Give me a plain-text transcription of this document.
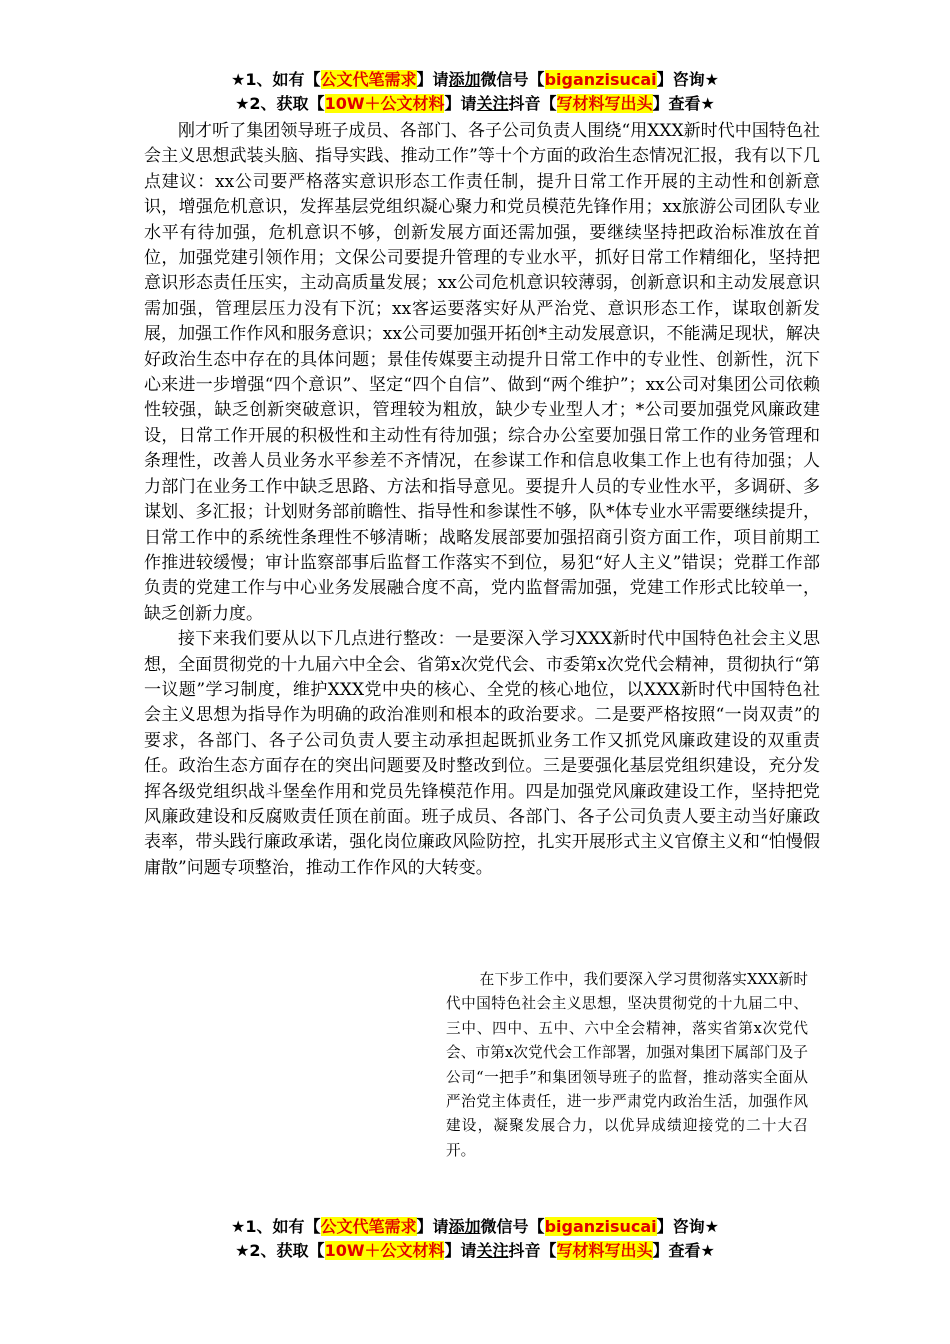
★1、如有【公文代笔需求】请添加微信号【biganzisucai】咨询★
★2、获取【10W＋公文材料】请关注抖音【写材料写出头】查看★

刚才听了集团领导班子成员、各部门、各子公司负责人围绕“用XXX新时代中国特色社会主义思想武装头脑、指导实践、推动工作”等十个方面的政治生态情况汇报，我有以下几点建议：xx公司要严格落实意识形态工作责任制，提升日常工作开展的主动性和创新意识，增强危机意识，发挥基层党组织凝心聚力和党员模范先锋作用；xx旅游公司团队专业水平有待加强，危机意识不够，创新发展方面还需加强，要继续坚持把政治标准放在首位，加强党建引领作用；文保公司要提升管理的专业水平，抓好日常工作精细化，坚持把意识形态责任压实，主动高质量发展；xx公司危机意识较薄弱，创新意识和主动发展意识需加强，管理层压力没有下沉；xx客运要落实好从严治党、意识形态工作，谋取创新发展，加强工作作风和服务意识；xx公司要加强开拓创*主动发展意识，不能满足现状，解决好政治生态中存在的具体问题；景佳传媒要主动提升日常工作中的专业性、创新性，沉下心来进一步增强“四个意识”、坚定“四个自信”、做到“两个维护”；xx公司对集团公司依赖性较强，缺乏创新突破意识，管理较为粗放，缺少专业型人才；*公司要加强党风廉政建设，日常工作开展的积极性和主动性有待加强；综合办公室要加强日常工作的业务管理和条理性，改善人员业务水平参差不齐情况，在参谋工作和信息收集工作上也有待加强；人力部门在业务工作中缺乏思路、方法和指导意见。要提升人员的专业性水平，多调研、多谋划、多汇报；计划财务部前瞻性、指导性和参谋性不够，队*体专业水平需要继续提升，日常工作中的系统性条理性不够清晰；战略发展部要加强招商引资方面工作，项目前期工作推进较缓慢；审计监察部事后监督工作落实不到位，易犯“好人主义”错误；党群工作部负责的党建工作与中心业务发展融合度不高，党内监督需加强，党建工作形式比较单一，缺乏创新力度。

接下来我们要从以下几点进行整改：一是要深入学习XXX新时代中国特色社会主义思想，全面贯彻党的十九届六中全会、省第x次党代会、市委第x次党代会精神，贯彻执行“第一议题”学习制度，维护XXX党中央的核心、全党的核心地位，以XXX新时代中国特色社会主义思想为指导作为明确的政治准则和根本的政治要求。二是要严格按照“一岗双责”的要求，各部门、各子公司负责人要主动承担起既抓业务工作又抓党风廉政建设的双重责任。政治生态方面存在的突出问题要及时整改到位。三是要强化基层党组织建设，充分发挥各级党组织战斗堡垒作用和党员先锋模范作用。四是加强党风廉政建设工作，坚持把党风廉政建设和反腐败责任顶在前面。班子成员、各部门、各子公司负责人要主动当好廉政表率，带头践行廉政承诺，强化岗位廉政风险防控，扎实开展形式主义官僚主义和“怕慢假庸散”问题专项整治，推动工作作风的大转变。

在下步工作中，我们要深入学习贯彻落实XXX新时代中国特色社会主义思想，坚决贯彻党的十九届二中、三中、四中、五中、六中全会精神，落实省第x次党代会、市第x次党代会工作部署，加强对集团下属部门及子公司“一把手”和集团领导班子的监督，推动落实全面从严治党主体责任，进一步严肃党内政治生活，加强作风建设，凝聚发展合力，以优异成绩迎接党的二十大召开。

★1、如有【公文代笔需求】请添加微信号【biganzisucai】咨询★
★2、获取【10W＋公文材料】请关注抖音【写材料写出头】查看★
